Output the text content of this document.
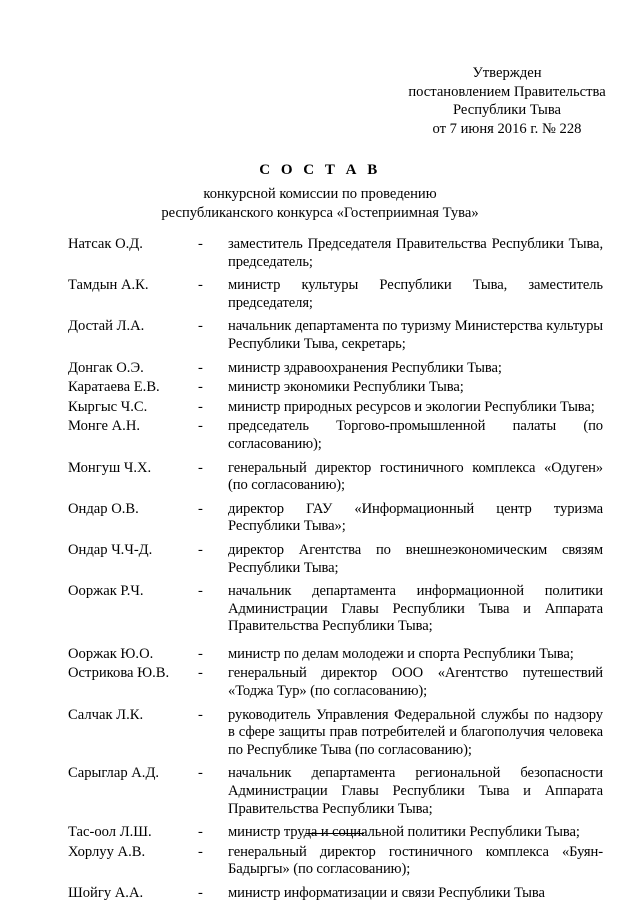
Утвержден
постановлением Правительства
Республики Тыва
от 7 июня 2016 г. № 228
С О С Т А В
конкурсной комиссии по проведению
республиканского конкурса «Гостеприимная Тува»
Натсак О.Д.	- заместитель Председателя Правительства Республики Тыва, председатель;
Тамдын А.К.	- министр культуры Республики Тыва, заместитель председателя;
Достай Л.А.	- начальник департамента по туризму Министерства культуры Республики Тыва, секретарь;
Донгак О.Э.	- министр здравоохранения Республики Тыва;
Каратаева Е.В.	- министр экономики Республики Тыва;
Кыргыс Ч.С.	- министр природных ресурсов и экологии Республики Тыва;
Монге А.Н.	- председатель Торгово-промышленной палаты (по согласованию);
Монгуш Ч.Х.	- генеральный директор гостиничного комплекса «Одуген» (по согласованию);
Ондар О.В.	- директор ГАУ «Информационный центр туризма Республики Тыва»;
Ондар Ч.Ч-Д.	- директор Агентства по внешнеэкономическим связям Республики Тыва;
Ооржак Р.Ч.	- начальник департамента информационной политики Администрации Главы Республики Тыва и Аппарата Правительства Республики Тыва;
Ооржак Ю.О.	- министр по делам молодежи и спорта Республики Тыва;
Острикова Ю.В. - генеральный директор ООО «Агентство путешествий «Тоджа Тур» (по согласованию);
Салчак Л.К.	- руководитель Управления Федеральной службы по надзору в сфере защиты прав потребителей и благополучия человека по Республике Тыва (по согласованию);
Сарыглар А.Д.	- начальник департамента региональной безопасности Администрации Главы Республики Тыва и Аппарата Правительства Республики Тыва;
Тас-оол Л.Ш.	- министр труда и социальной политики Республики Тыва;
Хорлуу А.В.	- генеральный директор гостиничного комплекса «Буян-Бадыргы» (по согласованию);
Шойгу А.А.	- министр информатизации и связи Республики Тыва
